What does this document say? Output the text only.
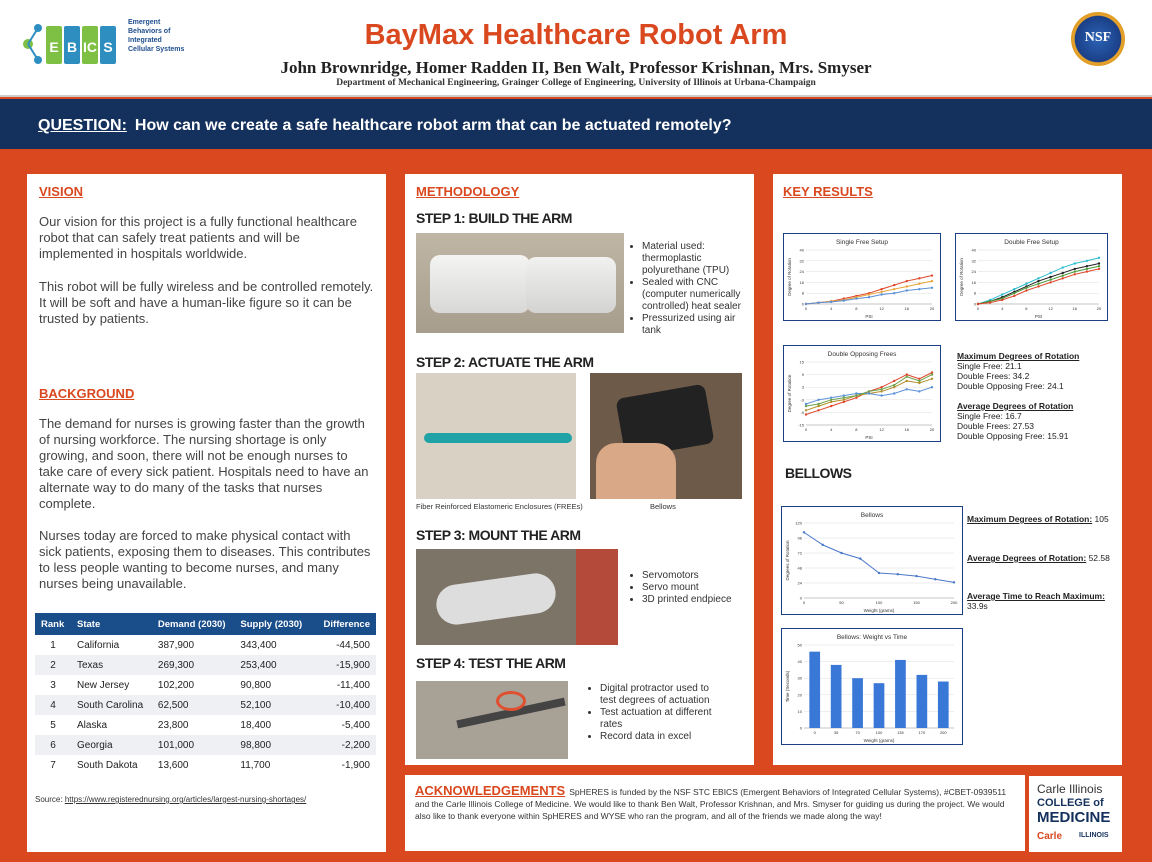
E B IC S
Emergent Behaviors of Integrated Cellular Systems	BayMax Healthcare Robot Arm
John Brownridge, Homer Radden II, Ben Walt, Professor Krishnan, Mrs. Smyser
Department of Mechanical Engineering, Grainger College of Engineering, University of Illinois at Urbana-Champaign
NSF
QUESTION: How can we create a safe healthcare robot arm that can be actuated remotely?
VISION
Our vision for this project is a fully functional healthcare robot that can safely treat patients and will be implemented in hospitals worldwide.
This robot will be fully wireless and be controlled remotely. It will be soft and have a human-like figure so it can be trusted by patients.
BACKGROUND
The demand for nurses is growing faster than the growth of nursing workforce. The nursing shortage is only growing, and soon, there will not be enough nurses to take care of every sick patient. Hospitals need to have an alternate way to do many of the tasks that nurses complete.
Nurses today are forced to make physical contact with sick patients, exposing them to diseases. This contributes to less people wanting to become nurses, and many nurses being unavailable.
Rank	State	Demand (2030)	Supply (2030)	Difference
1	California	387,900	343,400	-44,500
2	Texas	269,300	253,400	-15,900
3	New Jersey	102,200	90,800	-11,400
4	South Carolina	62,500	52,100	-10,400
5	Alaska	23,800	18,400	-5,400
6	Georgia	101,000	98,800	-2,200
7	South Dakota	13,600	11,700	-1,900
Source: https://www.registerednursing.org/articles/largest-nursing-shortages/
METHODOLOGY
STEP 1: BUILD THE ARM
• Material used: thermoplastic polyurethane (TPU)
• Sealed with CNC (computer numerically controlled) heat sealer
• Pressurized using air tank
STEP 2: ACTUATE THE ARM
Fiber Reinforced Elastomeric Enclosures (FREEs)	Bellows
STEP 3: MOUNT THE ARM
• Servomotors
• Servo mount
• 3D printed endpiece
STEP 4: TEST THE ARM
• Digital protractor used to test degrees of actuation
• Test actuation at different rates
• Record data in excel
KEY RESULTS
Single Free Setup
Degree of Rotation
PSI
0
8
16
24
32
40
0	4	8	12	16	20
Double Free Setup
Degree of Rotation
PSI
0
8
16
24
32
40
0	4	8	12	16	20
Double Opposing Frees
Degree of Rotation
PSI
-15
-9
-3
3
9
15
0	4	8	12	16	20
Maximum Degrees of Rotation
Single Free: 21.1
Double Frees: 34.2
Double Opposing Free: 24.1

Average Degrees of Rotation
Single Free: 16.7
Double Frees: 27.53
Double Opposing Free: 15.91
BELLOWS
Bellows
Degrees of Rotation
Weight (grams)
0
24
48
72
96
120
0	50	100	150	200
Bellows: Weight vs Time
Time (Seconds)
Weight (grams)
0
10
20
30
40
50
0	35	70	100	135	170	200
Maximum Degrees of Rotation: 105
Average Degrees of Rotation: 52.58
Average Time to Reach Maximum: 33.9s
ACKNOWLEDGEMENTS SpHERES is funded by the NSF STC EBICS (Emergent Behaviors of Integrated Cellular Systems), #CBET-0939511 and the Carle Illinois College of Medicine. We would like to thank Ben Walt, Professor Krishnan, and Mrs. Smyser for guiding us during the project. We would also like to thank everyone within SpHERES and WYSE who ran the program, and all of the friends we made along the way!
Carle Illinois
COLLEGE of
MEDICINE
Carle ILLINOIS
